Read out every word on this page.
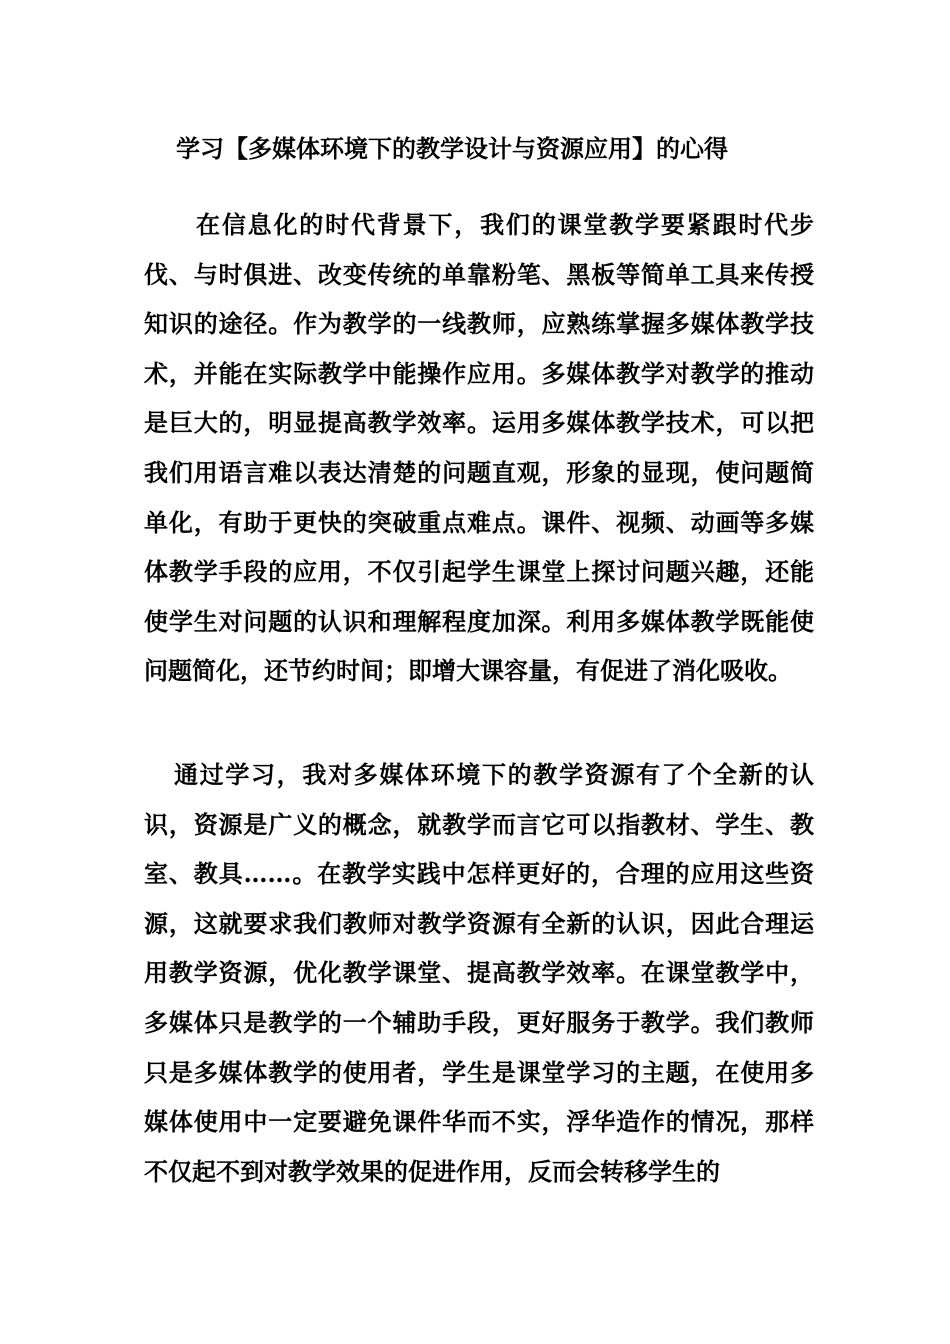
学习【多媒体环境下的教学设计与资源应用】的心得

在信息化的时代背景下，我们的课堂教学要紧跟时代步伐、与时俱进、改变传统的单靠粉笔、黑板等简单工具来传授知识的途径。作为教学的一线教师，应熟练掌握多媒体教学技术，并能在实际教学中能操作应用。多媒体教学对教学的推动是巨大的，明显提高教学效率。运用多媒体教学技术，可以把我们用语言难以表达清楚的问题直观，形象的显现，使问题简单化，有助于更快的突破重点难点。课件、视频、动画等多媒体教学手段的应用，不仅引起学生课堂上探讨问题兴趣，还能使学生对问题的认识和理解程度加深。利用多媒体教学既能使问题简化，还节约时间；即增大课容量，有促进了消化吸收。

通过学习，我对多媒体环境下的教学资源有了个全新的认识，资源是广义的概念，就教学而言它可以指教材、学生、教室、教具……。在教学实践中怎样更好的，合理的应用这些资源，这就要求我们教师对教学资源有全新的认识，因此合理运用教学资源，优化教学课堂、提高教学效率。在课堂教学中，多媒体只是教学的一个辅助手段，更好服务于教学。我们教师只是多媒体教学的使用者，学生是课堂学习的主题，在使用多媒体使用中一定要避免课件华而不实，浮华造作的情况，那样不仅起不到对教学效果的促进作用，反而会转移学生的
